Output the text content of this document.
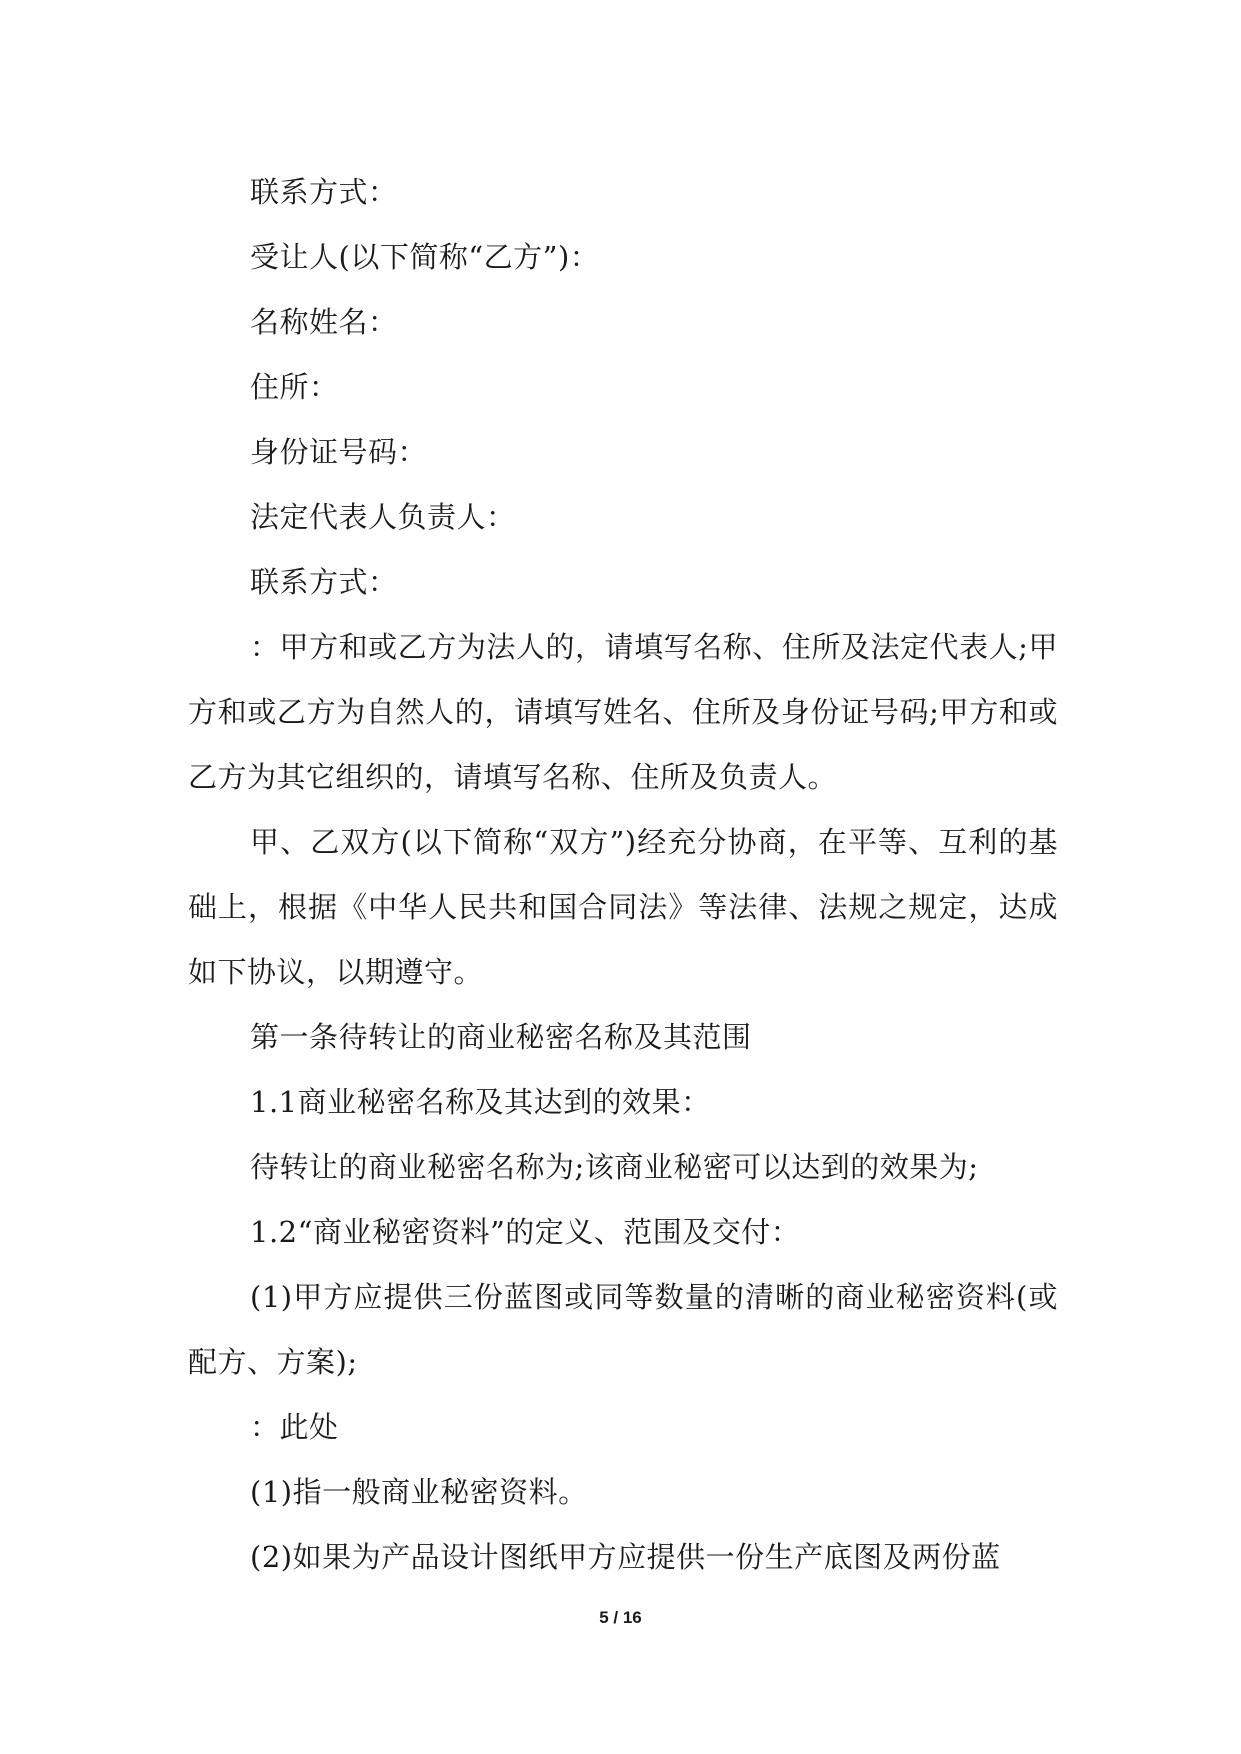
联系方式：

受让人(以下简称“乙方”)：

名称姓名：

住所：

身份证号码：

法定代表人负责人：

联系方式：

：甲方和或乙方为法人的，请填写名称、住所及法定代表人;甲方和或乙方为自然人的，请填写姓名、住所及身份证号码;甲方和或乙方为其它组织的，请填写名称、住所及负责人。

甲、乙双方(以下简称“双方”)经充分协商，在平等、互利的基础上，根据《中华人民共和国合同法》等法律、法规之规定，达成如下协议，以期遵守。

第一条待转让的商业秘密名称及其范围

1.1商业秘密名称及其达到的效果：

待转让的商业秘密名称为;该商业秘密可以达到的效果为;

1.2“商业秘密资料”的定义、范围及交付：

(1)甲方应提供三份蓝图或同等数量的清晰的商业秘密资料(或配方、方案);

：此处

(1)指一般商业秘密资料。

(2)如果为产品设计图纸甲方应提供一份生产底图及两份蓝

5 / 16
